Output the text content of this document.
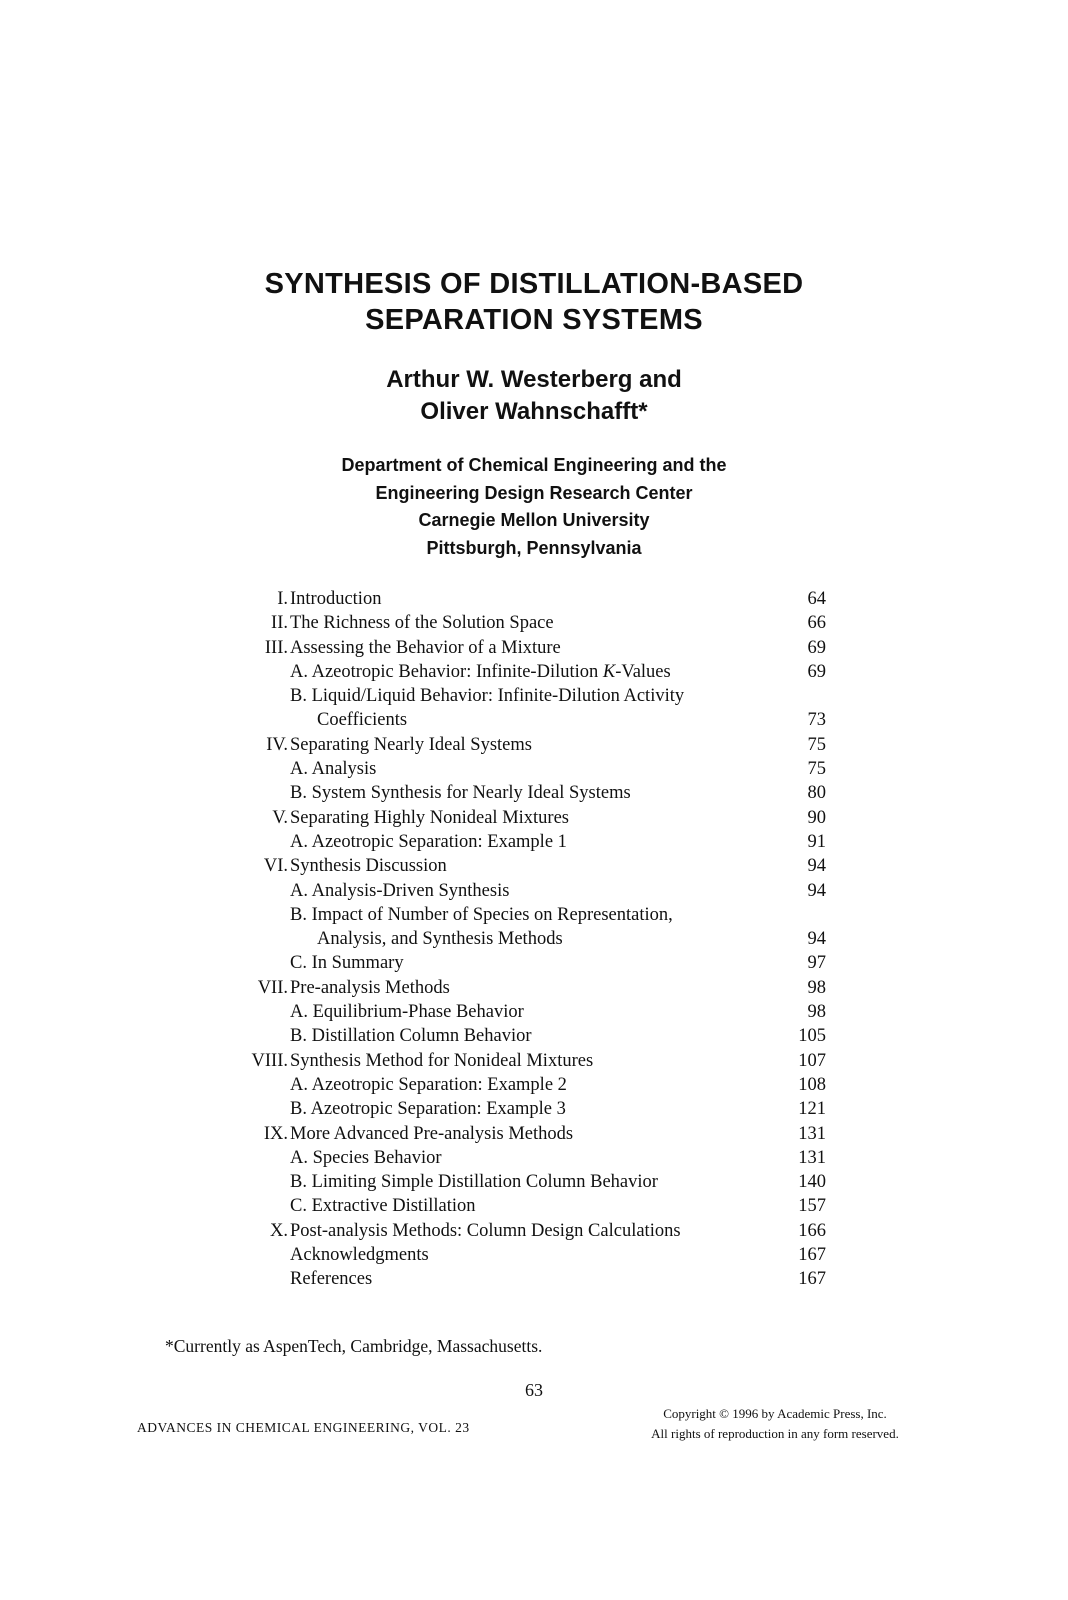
SYNTHESIS OF DISTILLATION-BASED
SEPARATION SYSTEMS
Arthur W. Westerberg and
Oliver Wahnschafft*
Department of Chemical Engineering and the
Engineering Design Research Center
Carnegie Mellon University
Pittsburgh, Pennsylvania
I. Introduction	64
II. The Richness of the Solution Space	66
III. Assessing the Behavior of a Mixture	69
A. Azeotropic Behavior: Infinite-Dilution K-Values	69
B. Liquid/Liquid Behavior: Infinite-Dilution Activity
Coefficients	73
IV. Separating Nearly Ideal Systems	75
A. Analysis	75
B. System Synthesis for Nearly Ideal Systems	80
V. Separating Highly Nonideal Mixtures	90
A. Azeotropic Separation: Example 1	91
VI. Synthesis Discussion	94
A. Analysis-Driven Synthesis	94
B. Impact of Number of Species on Representation,
Analysis, and Synthesis Methods	94
C. In Summary	97
VII. Pre-analysis Methods	98
A. Equilibrium-Phase Behavior	98
B. Distillation Column Behavior	105
VIII. Synthesis Method for Nonideal Mixtures	107
A. Azeotropic Separation: Example 2	108
B. Azeotropic Separation: Example 3	121
IX. More Advanced Pre-analysis Methods	131
A. Species Behavior	131
B. Limiting Simple Distillation Column Behavior	140
C. Extractive Distillation	157
X. Post-analysis Methods: Column Design Calculations	166
Acknowledgments	167
References	167
*Currently as AspenTech, Cambridge, Massachusetts.
63
ADVANCES IN CHEMICAL ENGINEERING, VOL. 23
Copyright © 1996 by Academic Press, Inc.
All rights of reproduction in any form reserved.
